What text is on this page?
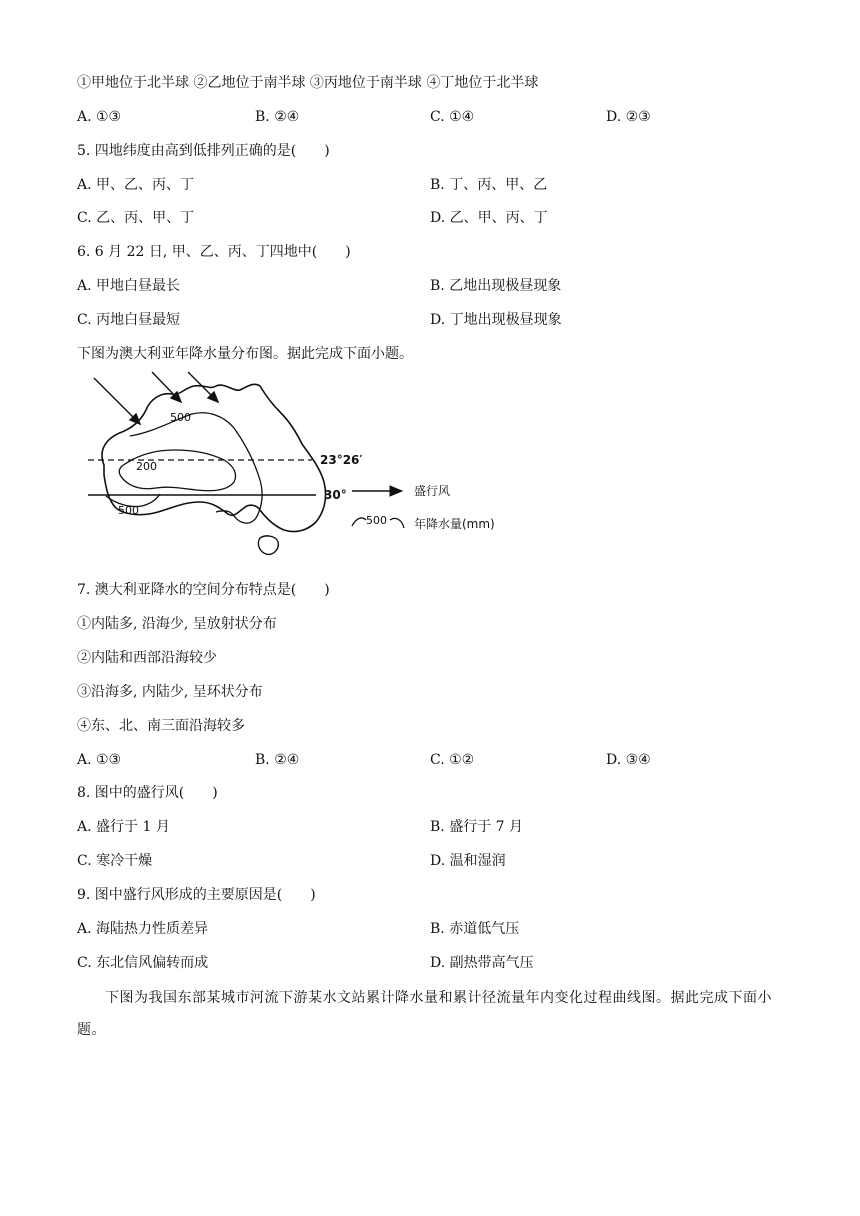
①甲地位于北半球 ②乙地位于南半球 ③丙地位于南半球 ④丁地位于北半球
A. ①③	B. ②④	C. ①④	D. ②③
5. 四地纬度由高到低排列正确的是(　　)
A. 甲、乙、丙、丁	B. 丁、丙、甲、乙
C. 乙、丙、甲、丁	D. 乙、甲、丙、丁
6. 6 月 22 日, 甲、乙、丙、丁四地中(　　)
A. 甲地白昼最长	B. 乙地出现极昼现象
C. 丙地白昼最短	D. 丁地出现极昼现象
下图为澳大利亚年降水量分布图。据此完成下面小题。
500
200
500
23°26′
30°	盛行风
500 年降水量(mm)
7. 澳大利亚降水的空间分布特点是(　　)
①内陆多, 沿海少, 呈放射状分布
②内陆和西部沿海较少
③沿海多, 内陆少, 呈环状分布
④东、北、南三面沿海较多
A. ①③	B. ②④	C. ①②	D. ③④
8. 图中的盛行风(　　)
A. 盛行于 1 月	B. 盛行于 7 月
C. 寒冷干燥	D. 温和湿润
9. 图中盛行风形成的主要原因是(　　)
A. 海陆热力性质差异	B. 赤道低气压
C. 东北信风偏转而成	D. 副热带高气压
下图为我国东部某城市河流下游某水文站累计降水量和累计径流量年内变化过程曲线图。据此完成下面小题。
